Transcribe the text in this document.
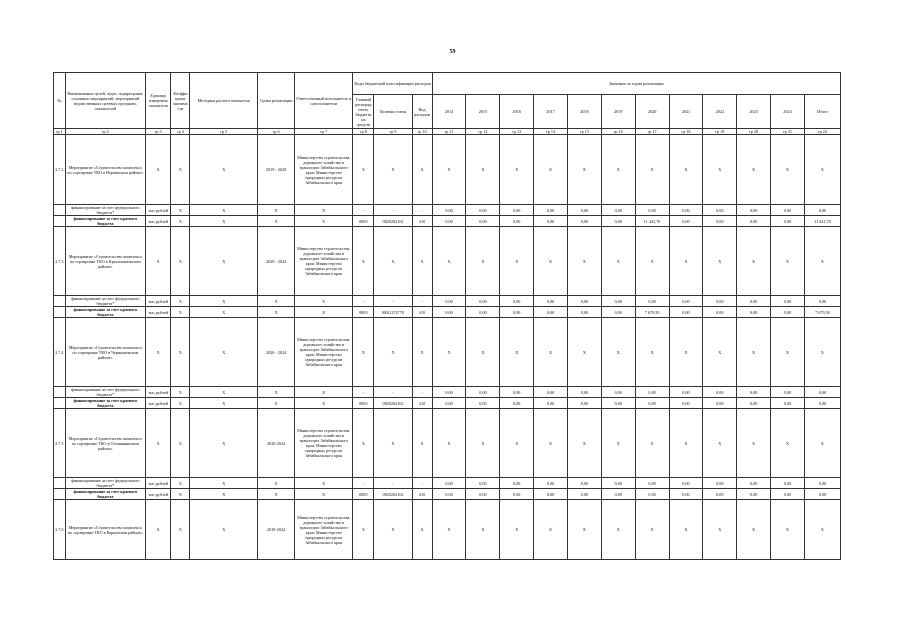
59
№	Наименование целей, задач, подпрограмм, основных мероприятий, мероприятий ведомственных целевых программ, показателей	Единица измерения показателя	Коэффициент значимости	Методика расчета показателя	Сроки реализации	Ответственный исполнитель и соисполнители	Коды бюджетной классификации расходов			Значения по годам реализации											
							Главный распорядитель бюджетных средств	Целевая статья	Вид расходов	2014	2015	2016	2017	2018	2019	2020	2021	2022	2023	2024	Итого
гр 1	гр 2	гр 3	гр 4	гр 5	гр 6	гр 7	гр 8	гр 9	гр 10	гр 11	гр 12	гр 13	гр 14	гр 15	гр 16	гр 17	гр 18	гр 19	гр 20	гр 21	гр 22
2.7.2	Мероприятие «Строительство комплекса по сортировке ТКО в Нерчинском районе»	X	X	X	2019 - 2020	Министерство строительства, дорожного хозяйства и транспорта Забайкальского края; Министерство природных ресурсов Забайкальского края	X	X	X	X	X	X	X	X	X	X	X	X	X	X	X
	финансирование за счет федерального бюджета*	тыс.рублей	X	X	X	X	-	-	-	0,00	0,00	0,00	0,00	0,00	0,00	0,00	0,00	0,00	0,00	0,00	0,00
	финансирование за счет краевого бюджета	тыс.рублей	X	X	X	X	0805	0820204102	410	0,00	0,00	0,00	0,00	0,00	0,00	11 441,70	0,00	0,00	0,00	0,00	11 441,70
2.7.3	Мероприятие «Строительство комплекса по сортировке ТКО в Краснокаменском районе»	X	X	X	2020 - 2024	Министерство строительства, дорожного хозяйства и транспорта Забайкальского края; Министерство природных ресурсов Забайкальского края	X	X	X	X	X	X	X	X	X	X	X	X	X	X	X
	финансирование за счет федерального бюджета*	тыс.рублей	X	X	X	X	-	-	-	0,00	0,00	0,00	0,00	0,00	0,00	0,00	0,00	0,00	0,00	0,00	0,00
	финансирование за счет краевого бюджета	тыс.рублей	X	X	X	X	0805	082G274770	410	0,00	0,00	0,00	0,00	0,00	0,00	7 679,50	0,00	0,00	0,00	0,00	7 679,50
2.7.4	Мероприятие «Строительство комплекса по сортировке ТКО в Чернышевском районе»	X	X	X	2020 - 2024	Министерство строительства, дорожного хозяйства и транспорта Забайкальского края; Министерство природных ресурсов Забайкальского края	X	X	X	X	X	X	X	X	X	X	X	X	X	X	X
	финансирование за счет федерального бюджета*	тыс.рублей	X	X	X	X	-	-	-	0,00	0,00	0,00	0,00	0,00	0,00	0,00	0,00	0,00	0,00	0,00	0,00
	финансирование за счет краевого бюджета	тыс.рублей	X	X	X	X	0805	0820204102	410	0,00	0,00	0,00	0,00	0,00	0,00	0,00	0,00	0,00	0,00	0,00	0,00
2.7.5	Мероприятие «Строительство комплекса по сортировке ТКО в Оловяннинском районе»	X	X	X	2020-2024	Министерство строительства, дорожного хозяйства и транспорта Забайкальского края; Министерство природных ресурсов Забайкальского края	X	X	X	X	X	X	X	X	X	X	X	X	X	X	X
	финансирование за счет федерального бюджета*	тыс.рублей	X	X	X	X	-	-	-	0,00	0,00	0,00	0,00	0,00	0,00	0,00	0,00	0,00	0,00	0,00	0,00
	финансирование за счет краевого бюджета	тыс.рублей	X	X	X	X	0805	0820204102	410	0,00	0,00	0,00	0,00	0,00	0,00	0,00	0,00	0,00	0,00	0,00	0,00
2.7.6	Мероприятие «Строительство комплекса по сортировке ТКО в Карымском районе»	X	X	X	2019-2024	Министерство строительства, дорожного хозяйства и транспорта Забайкальского края; Министерство природных ресурсов Забайкальского края	X	X	X	X	X	X	X	X	X	X	X	X	X	X	X
